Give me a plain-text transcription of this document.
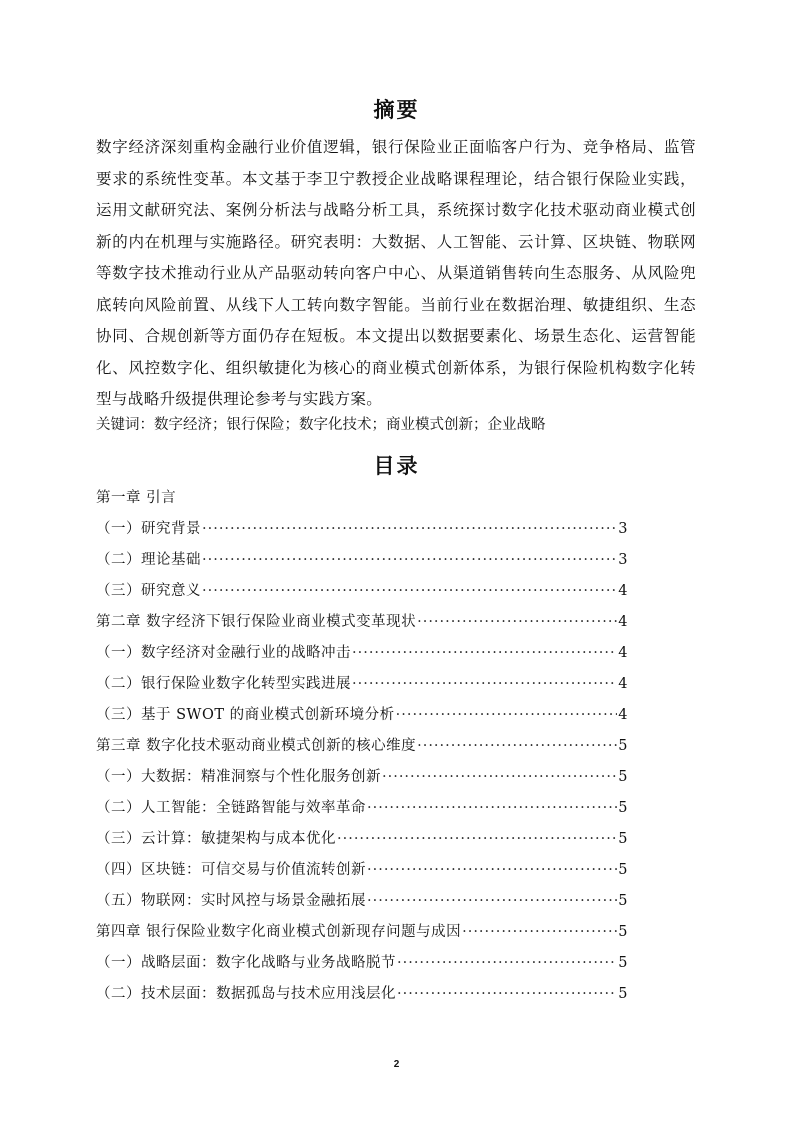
摘要

数字经济深刻重构金融行业价值逻辑，银行保险业正面临客户行为、竞争格局、监管要求的系统性变革。本文基于李卫宁教授企业战略课程理论，结合银行保险业实践，运用文献研究法、案例分析法与战略分析工具，系统探讨数字化技术驱动商业模式创新的内在机理与实施路径。研究表明：大数据、人工智能、云计算、区块链、物联网等数字技术推动行业从产品驱动转向客户中心、从渠道销售转向生态服务、从风险兜底转向风险前置、从线下人工转向数字智能。当前行业在数据治理、敏捷组织、生态协同、合规创新等方面仍存在短板。本文提出以数据要素化、场景生态化、运营智能化、风控数字化、组织敏捷化为核心的商业模式创新体系，为银行保险机构数字化转型与战略升级提供理论参考与实践方案。

关键词：数字经济；银行保险；数字化技术；商业模式创新；企业战略

目录
第一章 引言
（一）研究背景 ·····	3
（二）理论基础 ·····	3
（三）研究意义 ·····	4
第二章 数字经济下银行保险业商业模式变革现状 ·····	4
（一）数字经济对金融行业的战略冲击 ·····	4
（二）银行保险业数字化转型实践进展 ·····	4
（三）基于 SWOT 的商业模式创新环境分析 ·····	4
第三章 数字化技术驱动商业模式创新的核心维度 ·····	5
（一）大数据：精准洞察与个性化服务创新 ·····	5
（二）人工智能：全链路智能与效率革命 ·····	5
（三）云计算：敏捷架构与成本优化 ·····	5
（四）区块链：可信交易与价值流转创新 ·····	5
（五）物联网：实时风控与场景金融拓展 ·····	5
第四章 银行保险业数字化商业模式创新现存问题与成因 ·····	5
（一）战略层面：数字化战略与业务战略脱节 ·····	5
（二）技术层面：数据孤岛与技术应用浅层化 ·····	5
2
